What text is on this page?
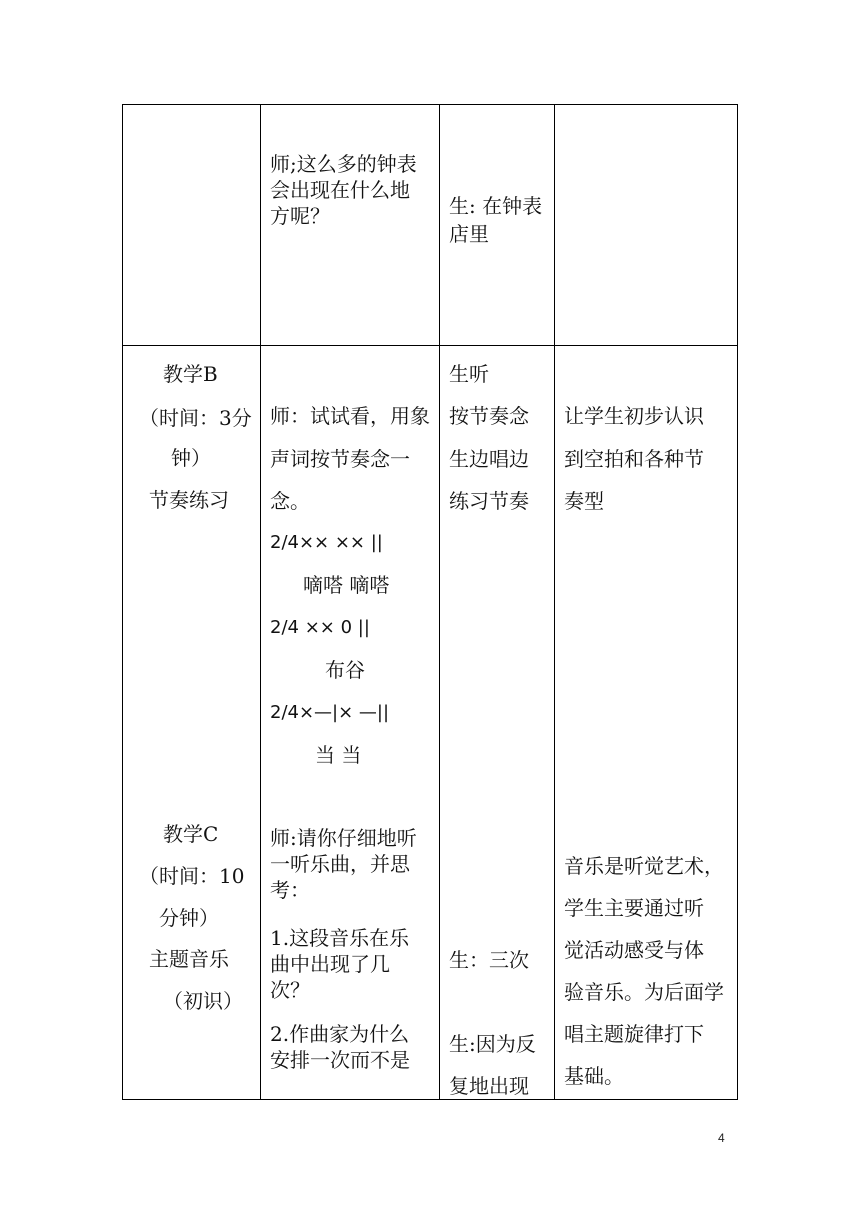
师;这么多的钟表
会出现在什么地
方呢？	生: 在钟表
店里
教学B
（时间：3分
钟）
节奏练习
师：试试看，用象
声词按节奏念一
念。
2/4×× ×× ||
嘀嗒 嘀嗒
2/4 ×× 0 ||
布谷
2/4×—|× —||
当 当
生听
按节奏念
生边唱边
练习节奏
让学生初步认识
到空拍和各种节
奏型
教学C
（时间：10
分钟）
主题音乐
（初识）
师:请你仔细地听
一听乐曲，并思
考：
1.这段音乐在乐
曲中出现了几
次？
2.作曲家为什么
安排一次而不是
生：三次
生:因为反
复地出现
音乐是听觉艺术，
学生主要通过听
觉活动感受与体
验音乐。为后面学
唱主题旋律打下
基础。
4
